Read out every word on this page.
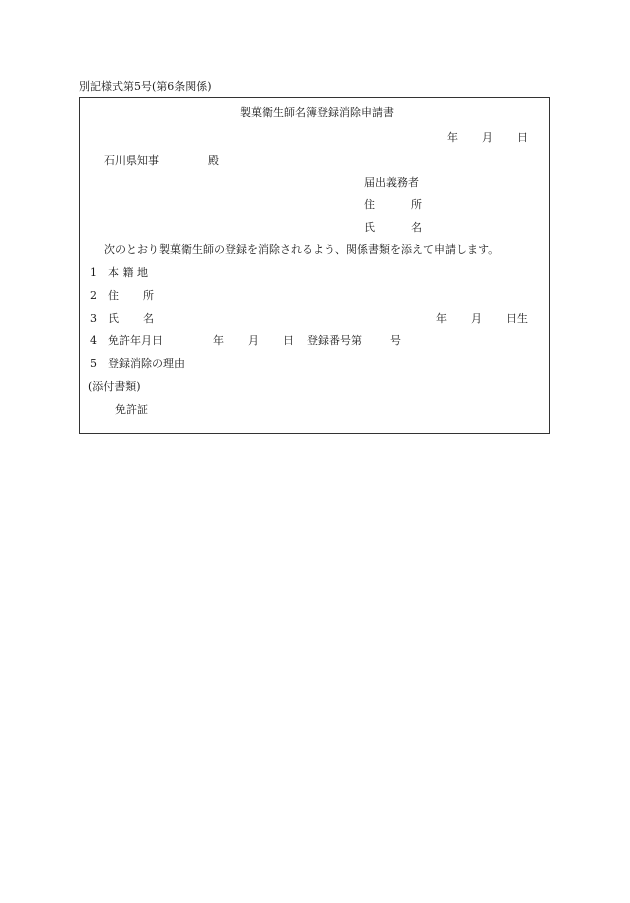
別記様式第5号(第6条関係)
製菓衛生師名簿登録消除申請書
年 月 日
石川県知事	殿
届出義務者
住	所
氏	名
次のとおり製菓衛生師の登録を消除されるよう、関係書類を添えて申請します。
1 本 籍 地
2 住 所
3 氏 名	年 月 日生
4 免許年月日	年 月 日 登録番号第	号
5 登録消除の理由
(添付書類)
免許証
